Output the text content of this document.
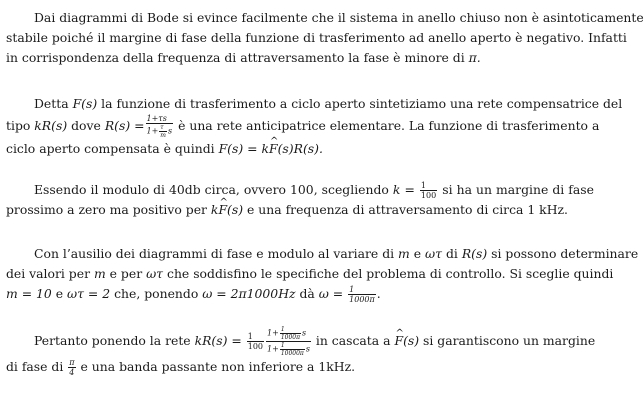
Dai diagrammi di Bode si evince facilmente che il sistema in anello chiuso non è asintoticamente
stabile poiché il margine di fase della funzione di trasferimento ad anello aperto è negativo. Infatti
in corrispondenza della frequenza di attraversamento la fase è minore di π.
Detta F(s) la funzione di trasferimento a ciclo aperto sintetiziamo una rete compensatrice del
tipo kR(s) dove $R(s) = \frac{1+\tau s}{1+ \frac{\tau}{m} s}$ è una rete anticipatrice elementare. La funzione di trasferimento a
ciclo aperto compensata è quindi F(s) = k^ F(s)R(s).
Essendo il modulo di 40db circa, ovvero 100, scegliendo $k = \frac{1}{100}$ si ha un margine di fase
prossimo a zero ma positivo per k^ F(s) e una frequenza di attraversamento di circa 1 kHz.
Con l’ausilio dei diagrammi di fase e modulo al variare di m e ωτ di R(s) si possono determinare
dei valori per m e per ωτ che soddisfino le specifiche del problema di controllo. Si sceglie quindi
m = 10 e ωτ = 2 che, ponendo ω = 2π1000Hz dà $\omega = \frac{1}{1000\pi}$ .
Pertanto ponendo la rete $kR(s) = \frac{1}{100} \frac{1+ \frac{1}{1000\pi} s}{1+ \frac{1}{10000\pi} s}$ in cascata a ^ F(s) si garantiscono un margine
di fase di $\frac{\pi}{4}$ e una banda passante non inferiore a 1kHz.
